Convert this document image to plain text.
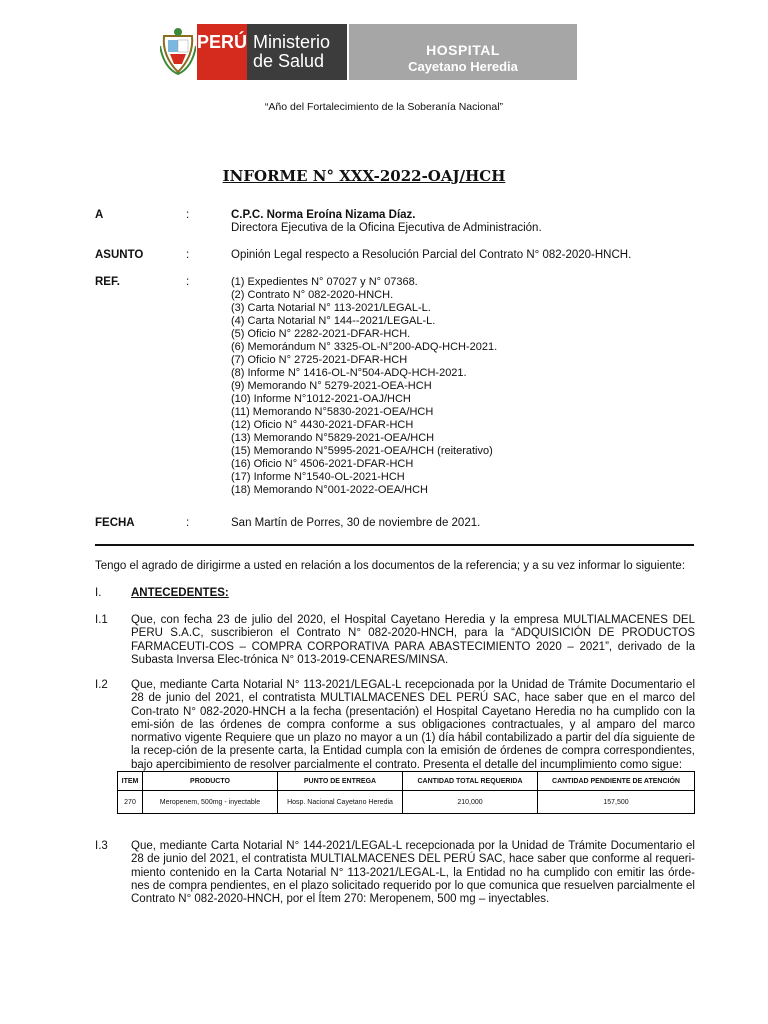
PERÚ Ministerio
de Salud
HOSPITAL
Cayetano Heredia
“Año del Fortalecimiento de la Soberanía Nacional”
INFORME N° XXX-2022-OAJ/HCH
A	:	C.P.C. Norma Eroína Nizama Díaz.
Directora Ejecutiva de la Oficina Ejecutiva de Administración.
ASUNTO	:	Opinión Legal respecto a Resolución Parcial del Contrato N° 082-2020-HNCH.
REF.	:	(1) Expedientes N° 07027 y N° 07368.
(2) Contrato N° 082-2020-HNCH.
(3) Carta Notarial N° 113-2021/LEGAL-L.
(4) Carta Notarial N° 144--2021/LEGAL-L.
(5) Oficio N° 2282-2021-DFAR-HCH.
(6) Memorándum N° 3325-OL-N°200-ADQ-HCH-2021.
(7) Oficio N° 2725-2021-DFAR-HCH
(8) Informe N° 1416-OL-N°504-ADQ-HCH-2021.
(9) Memorando N° 5279-2021-OEA-HCH
(10) Informe N°1012-2021-OAJ/HCH
(11) Memorando N°5830-2021-OEA/HCH
(12) Oficio N° 4430-2021-DFAR-HCH
(13) Memorando N°5829-2021-OEA/HCH
(15) Memorando N°5995-2021-OEA/HCH (reiterativo)
(16) Oficio N° 4506-2021-DFAR-HCH
(17) Informe N°1540-OL-2021-HCH
(18) Memorando N°001-2022-OEA/HCH
FECHA	:	San Martín de Porres, 30 de noviembre de 2021.
Tengo el agrado de dirigirme a usted en relación a los documentos de la referencia; y a su vez informar lo siguiente:
I.	ANTECEDENTES:
I.1 Que, con fecha 23 de julio del 2020, el Hospital Cayetano Heredia y la empresa MULTIALMACENES DEL PERU S.A.C, suscribieron el Contrato N° 082-2020-HNCH, para la “ADQUISICIÓN DE PRODUCTOS FARMACEUTI-COS – COMPRA CORPORATIVA PARA ABASTECIMIENTO 2020 – 2021”, derivado de la Subasta Inversa Elec-trónica N° 013-2019-CENARES/MINSA.
I.2 Que, mediante Carta Notarial N° 113-2021/LEGAL-L recepcionada por la Unidad de Trámite Documentario el 28 de junio del 2021, el contratista MULTIALMACENES DEL PERÚ SAC, hace saber que en el marco del Con-trato N° 082-2020-HNCH a la fecha (presentación) el Hospital Cayetano Heredia no ha cumplido con la emi-sión de las órdenes de compra conforme a sus obligaciones contractuales, y al amparo del marco normativo vigente Requiere que un plazo no mayor a un (1) día hábil contabilizado a partir del día siguiente de la recep-ción de la presente carta, la Entidad cumpla con la emisión de órdenes de compra correspondientes, bajo apercibimiento de resolver parcialmente el contrato. Presenta el detalle del incumplimiento como sigue:
ITEM	PRODUCTO	PUNTO DE ENTREGA	CANTIDAD TOTAL REQUERIDA	CANTIDAD PENDIENTE DE ATENCIÓN
270	Meropenem, 500mg - inyectable	Hosp. Nacional Cayetano Heredia	210,000	157,500
I.3 Que, mediante Carta Notarial N° 144-2021/LEGAL-L recepcionada por la Unidad de Trámite Documentario el 28 de junio del 2021, el contratista MULTIALMACENES DEL PERÚ SAC, hace saber que conforme al requeri-miento contenido en la Carta Notarial N° 113-2021/LEGAL-L, la Entidad no ha cumplido con emitir las órde-nes de compra pendientes, en el plazo solicitado requerido por lo que comunica que resuelven parcialmente el Contrato N° 082-2020-HNCH, por el Ítem 270: Meropenem, 500 mg – inyectables.
